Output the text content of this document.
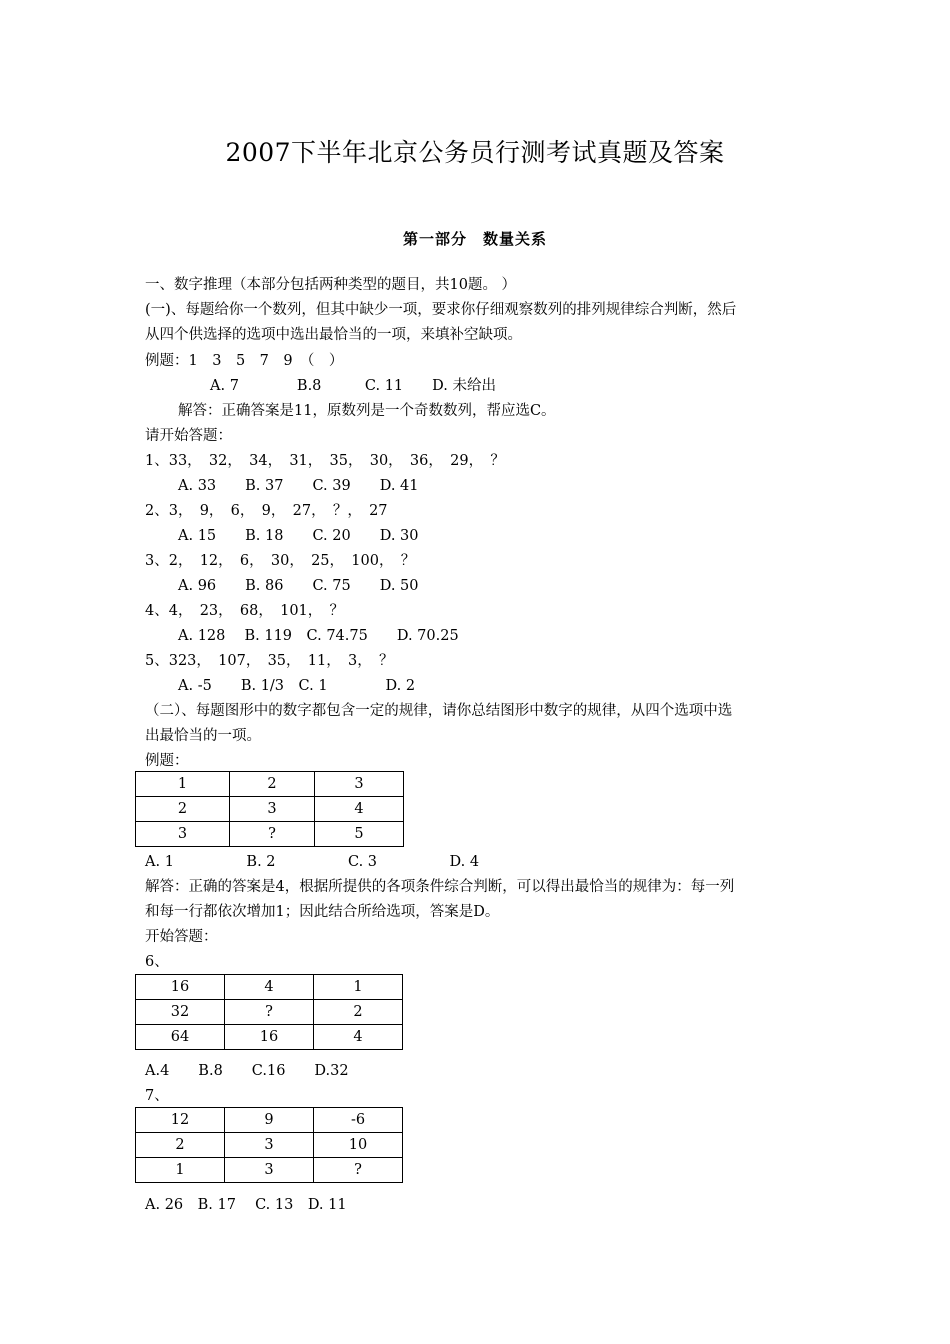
2007下半年北京公务员行测考试真题及答案
第一部分　数量关系
一、数字推理（本部分包括两种类型的题目，共10题。 ）
(一)、每题给你一个数列，但其中缺少一项，要求你仔细观察数列的排列规律综合判断，然后
从四个供选择的选项中选出最恰当的一项，来填补空缺项。
例题：1　3　5　7　9　（　）
A. 7　　　　B.8　　　C. 11　　D. 未给出
解答：正确答案是11，原数列是一个奇数数列，帮应选C。
请开始答题：
1、33，　32，　34，　31，　35，　30，　36，　29，　？
A. 33　　B. 37　　C. 39　　D. 41
2、3，　9，　6，　9，　27，　？，　27
A. 15　　B. 18　　C. 20　　D. 30
3、2，　12，　6，　30，　25，　100，　？
A. 96　　B. 86　　C. 75　　D. 50
4、4，　23，　68，　101，　？
A. 128　 B. 119　C. 74.75　　D. 70.25
5、323，　107，　35，　11，　3，　？
A. -5　　B. 1/3　C. 1　　　　D. 2
（二）、每题图形中的数字都包含一定的规律，请你总结图形中数字的规律，从四个选项中选
出最恰当的一项。
例题：
1	2	3
2	3	4
3	?	5
A. 1　　　　　B. 2　　　　　C. 3　　　　　D. 4
解答：正确的答案是4，根据所提供的各项条件综合判断，可以得出最恰当的规律为：每一列
和每一行都依次增加1；因此结合所给选项，答案是D。
开始答题：
6、
16	4	1
32	?	2
64	16	4
A.4　　B.8　　C.16　　D.32
7、
12	9	-6
2	3	10
1	3	?
A. 26　B. 17　 C. 13　D. 11
